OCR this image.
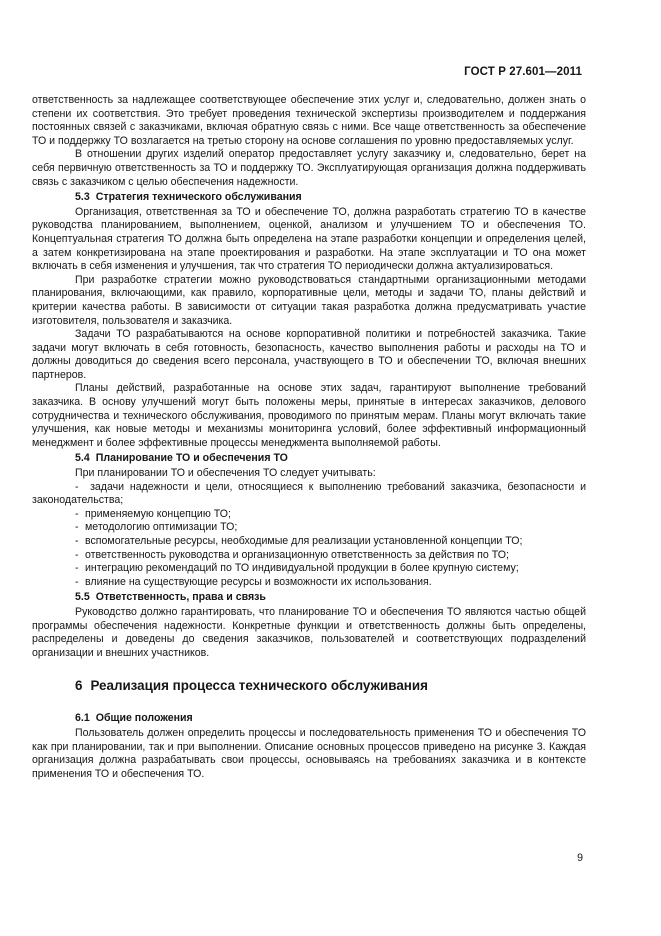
ГОСТ Р 27.601—2011

ответственность за надлежащее соответствующее обеспечение этих услуг и, следовательно, должен знать о степени их соответствия. Это требует проведения технической экспертизы производителем и поддержания постоянных связей с заказчиками, включая обратную связь с ними. Все чаще ответственность за обеспечение ТО и поддержку ТО возлагается на третью сторону на основе соглашения по уровню предоставляемых услуг.

В отношении других изделий оператор предоставляет услугу заказчику и, следовательно, берет на себя первичную ответственность за ТО и поддержку ТО. Эксплуатирующая организация должна поддерживать связь с заказчиком с целью обеспечения надежности.

5.3 Стратегия технического обслуживания

Организация, ответственная за ТО и обеспечение ТО, должна разработать стратегию ТО в качестве руководства планированием, выполнением, оценкой, анализом и улучшением ТО и обеспечения ТО. Концептуальная стратегия ТО должна быть определена на этапе разработки концепции и определения целей, а затем конкретизирована на этапе проектирования и разработки. На этапе эксплуатации и ТО она может включать в себя изменения и улучшения, так что стратегия ТО периодически должна актуализироваться.

При разработке стратегии можно руководствоваться стандартными организационными методами планирования, включающими, как правило, корпоративные цели, методы и задачи ТО, планы действий и критерии качества работы. В зависимости от ситуации такая разработка должна предусматривать участие изготовителя, пользователя и заказчика.

Задачи ТО разрабатываются на основе корпоративной политики и потребностей заказчика. Такие задачи могут включать в себя готовность, безопасность, качество выполнения работы и расходы на ТО и должны доводиться до сведения всего персонала, участвующего в ТО и обеспечении ТО, включая внешних партнеров.

Планы действий, разработанные на основе этих задач, гарантируют выполнение требований заказчика. В основу улучшений могут быть положены меры, принятые в интересах заказчиков, делового сотрудничества и технического обслуживания, проводимого по принятым мерам. Планы могут включать такие улучшения, как новые методы и механизмы мониторинга условий, более эффективный информационный менеджмент и более эффективные процессы менеджмента выполняемой работы.

5.4 Планирование ТО и обеспечения ТО

При планировании ТО и обеспечения ТО следует учитывать:

- задачи надежности и цели, относящиеся к выполнению требований заказчика, безопасности и законодательства;

- применяемую концепцию ТО;
- методологию оптимизации ТО;
- вспомогательные ресурсы, необходимые для реализации установленной концепции ТО;
- ответственность руководства и организационную ответственность за действия по ТО;
- интеграцию рекомендаций по ТО индивидуальной продукции в более крупную систему;
- влияние на существующие ресурсы и возможности их использования.
5.5 Ответственность, права и связь

Руководство должно гарантировать, что планирование ТО и обеспечения ТО являются частью общей программы обеспечения надежности. Конкретные функции и ответственность должны быть определены, распределены и доведены до сведения заказчиков, пользователей и соответствующих подразделений организации и внешних участников.

6 Реализация процесса технического обслуживания
6.1 Общие положения

Пользователь должен определить процессы и последовательность применения ТО и обеспечения ТО как при планировании, так и при выполнении. Описание основных процессов приведено на рисунке 3. Каждая организация должна разрабатывать свои процессы, основываясь на требованиях заказчика и в контексте применения ТО и обеспечения ТО.

9
